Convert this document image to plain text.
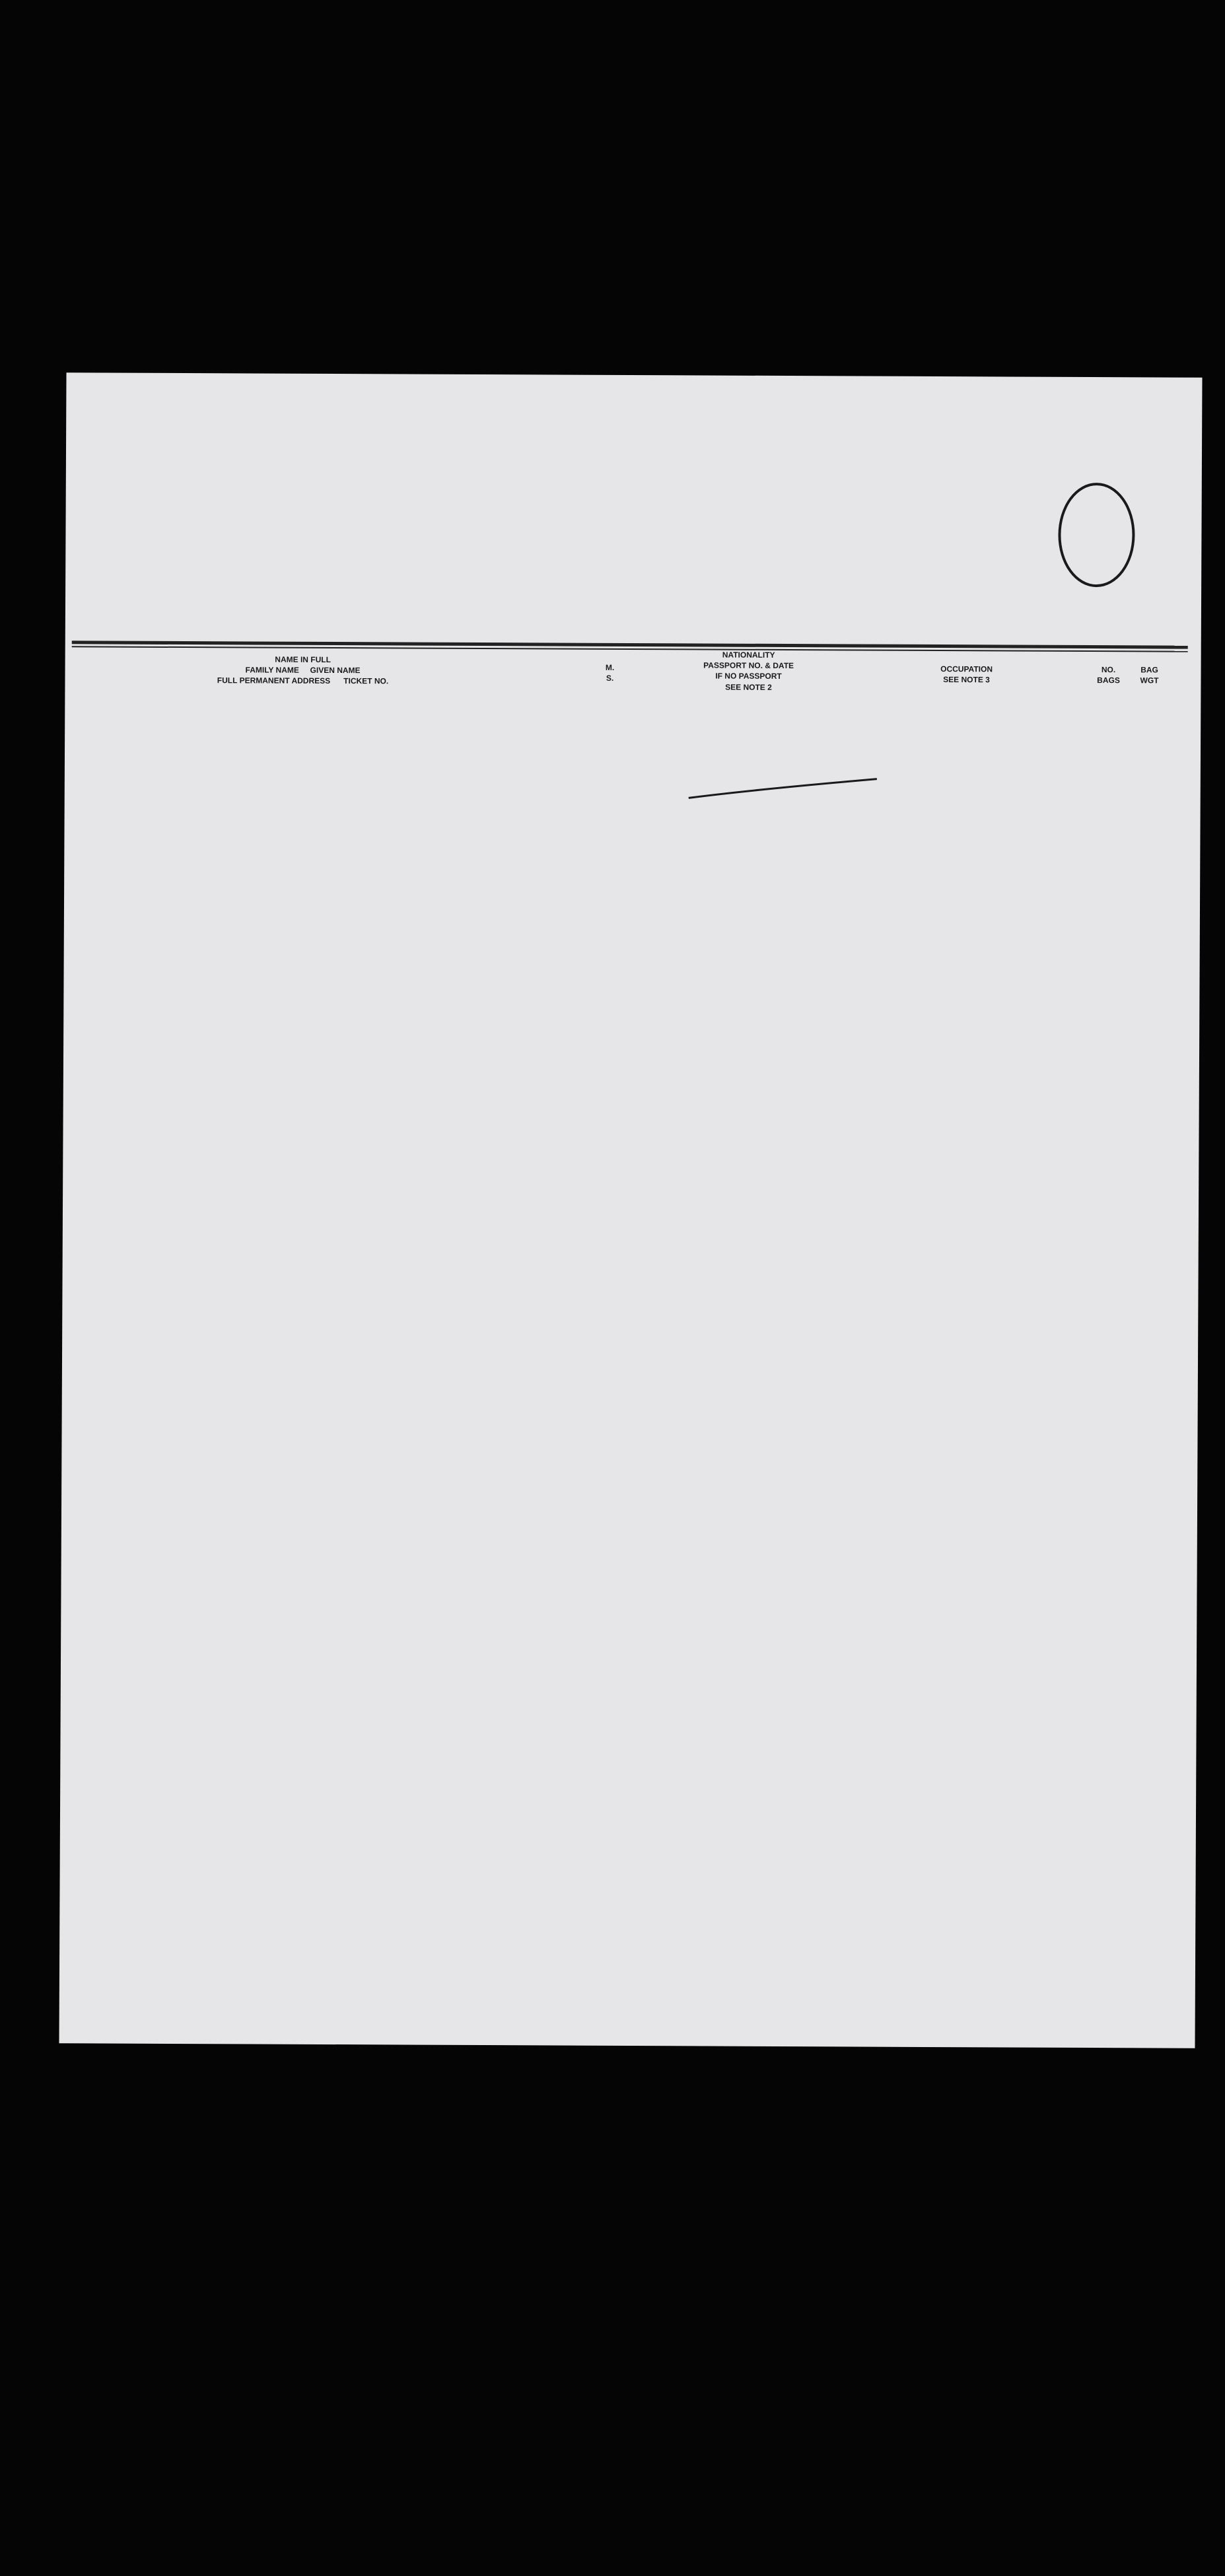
NAME IN FULL
FAMILY NAME     GIVEN NAME
FULL PERMANENT ADDRESS      TICKET NO.
M.
S.
NATIONALITY
PASSPORT NO. & DATE
IF NO PASSPORT
SEE NOTE 2
OCCUPATION
SEE NOTE 3
NO.
BAGS
BAG
WGT
